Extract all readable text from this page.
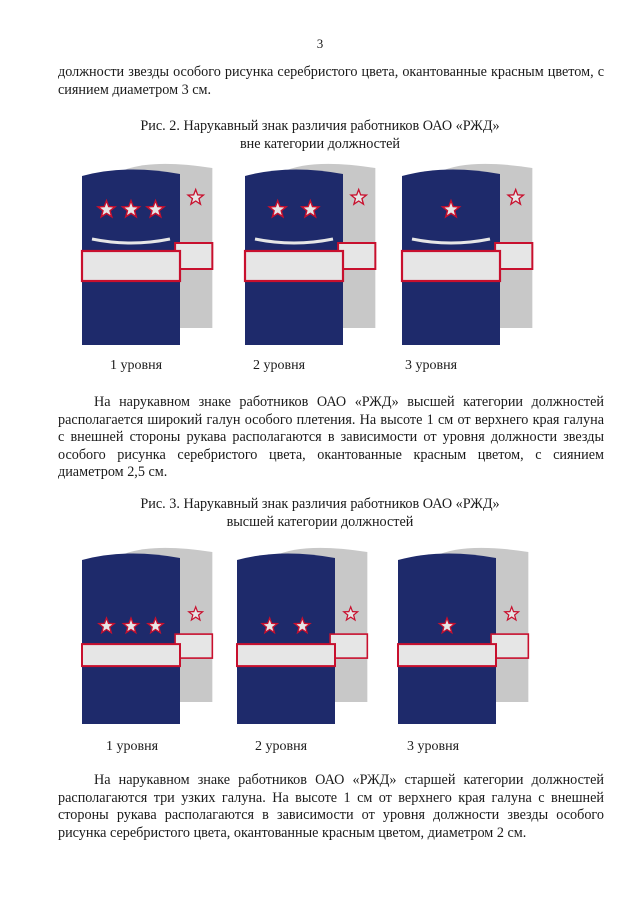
3

должности звезды особого рисунка серебристого цвета, окантованные красным цветом, с сиянием диаметром 3 см.

Рис. 2. Нарукавный знак различия работников ОАО «РЖД»
вне категории должностей
1 уровня	2 уровня	3 уровня

На нарукавном знаке работников ОАО «РЖД» высшей категории должностей располагается широкий галун особого плетения. На высоте 1 см от верхнего края галуна с внешней стороны рукава располагаются в зависимости от уровня должности звезды особого рисунка серебристого цвета, окантованные красным цветом, с сиянием диаметром 2,5 см.

Рис. 3. Нарукавный знак различия работников ОАО «РЖД»
высшей категории должностей
1 уровня	2 уровня	3 уровня

На нарукавном знаке работников ОАО «РЖД» старшей категории должностей располагаются три узких галуна. На высоте 1 см от верхнего края галуна с внешней стороны рукава располагаются в зависимости от уровня должности звезды особого рисунка серебристого цвета, окантованные красным цветом, диаметром 2 см.
